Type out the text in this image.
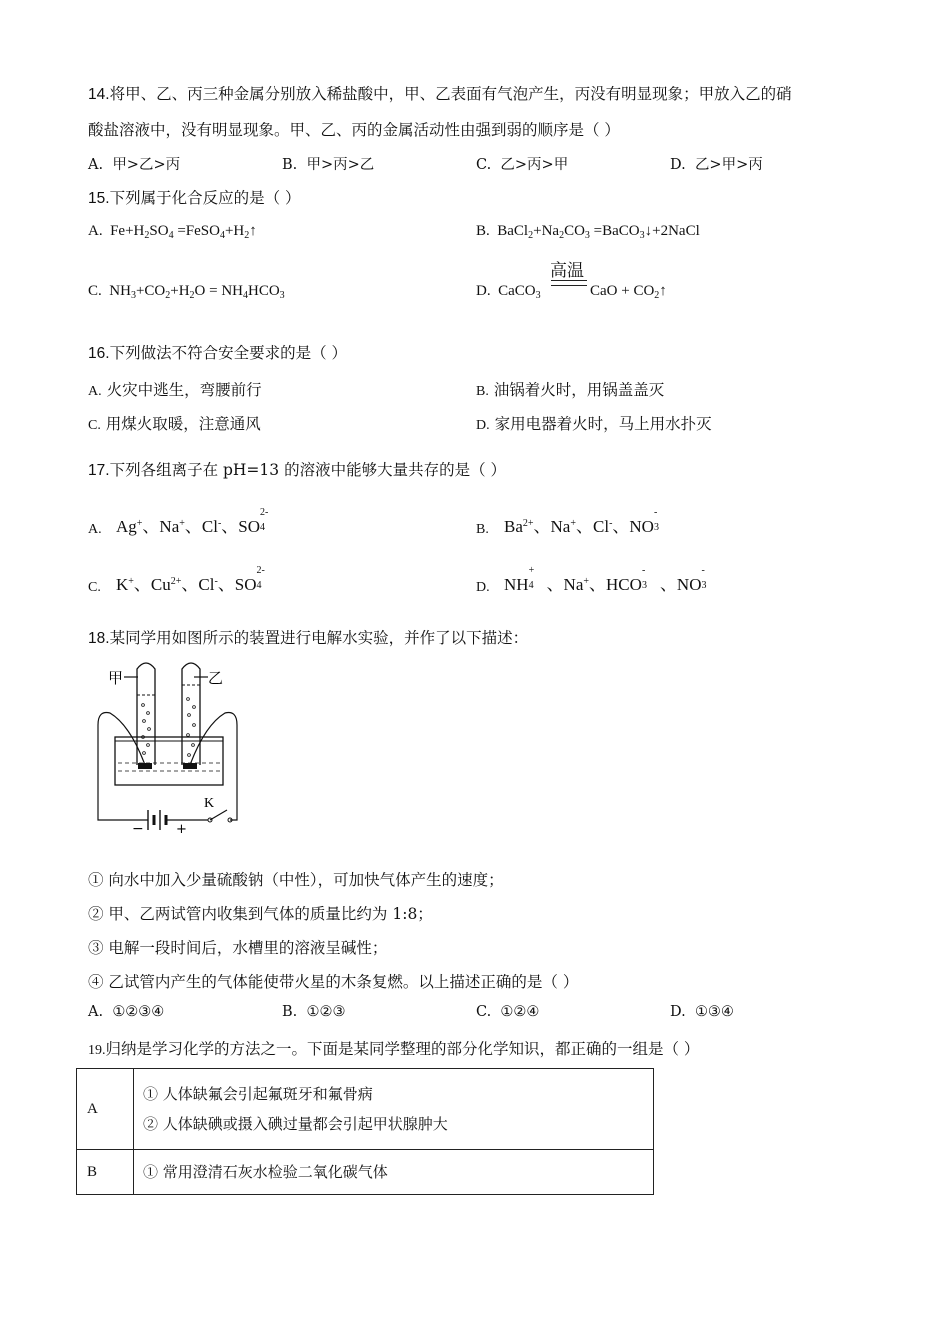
14.将甲、乙、丙三种金属分别放入稀盐酸中，甲、乙表面有气泡产生，丙没有明显现象；甲放入乙的硝
酸盐溶液中，没有明显现象。甲、乙、丙的金属活动性由强到弱的顺序是（ ）
A. 甲>乙>丙	B. 甲>丙>乙	C. 乙>丙>甲	D. 乙>甲>丙
15.下列属于化合反应的是（ ）
A.  $Fe+H_2SO_4$ $=FeSO_4+H_2↑$	B.  $BaCl_2+Na_2CO_3$ =BaCO$_3$↓+2NaCl
C.  $NH_3+CO_2+H_2O = NH_4HCO_3$	D.  CaCO$_3$
高温
CaO + $CO_2↑$
16.下列做法不符合安全要求的是（ ）
A. 火灾中逃生，弯腰前行	B. 油锅着火时，用锅盖盖灭
C. 用煤火取暖，注意通风	D. 家用电器着火时，马上用水扑灭
17.下列各组离子在 pH=13 的溶液中能够大量共存的是（ ）
A. Ag+、Na+、Cl-、SO
2-
4	B. $Ba^{2+}$、Na+、Cl-、NO
-
3
C. K+、$Cu^{2+}$、Cl-、SO
2-
4	D. NH
+
4 、Na+、HCO
-
3 、NO
-
3
18.某同学用如图所示的装置进行电解水实验，并作了以下描述：
甲	乙
− +
K
① 向水中加入少量硫酸钠（中性），可加快气体产生的速度；
② 甲、乙两试管内收集到气体的质量比约为 1:8；
③ 电解一段时间后，水槽里的溶液呈碱性；
④ 乙试管内产生的气体能使带火星的木条复燃。以上描述正确的是（ ）
A. ①②③④	B. ①②③	C. ①②④	D. ①③④
19.归纳是学习化学的方法之一。下面是某同学整理的部分化学知识，都正确的一组是（ ）
A	① 人体缺氟会引起氟斑牙和氟骨病
② 人体缺碘或摄入碘过量都会引起甲状腺肿大

B	① 常用澄清石灰水检验二氧化碳气体
